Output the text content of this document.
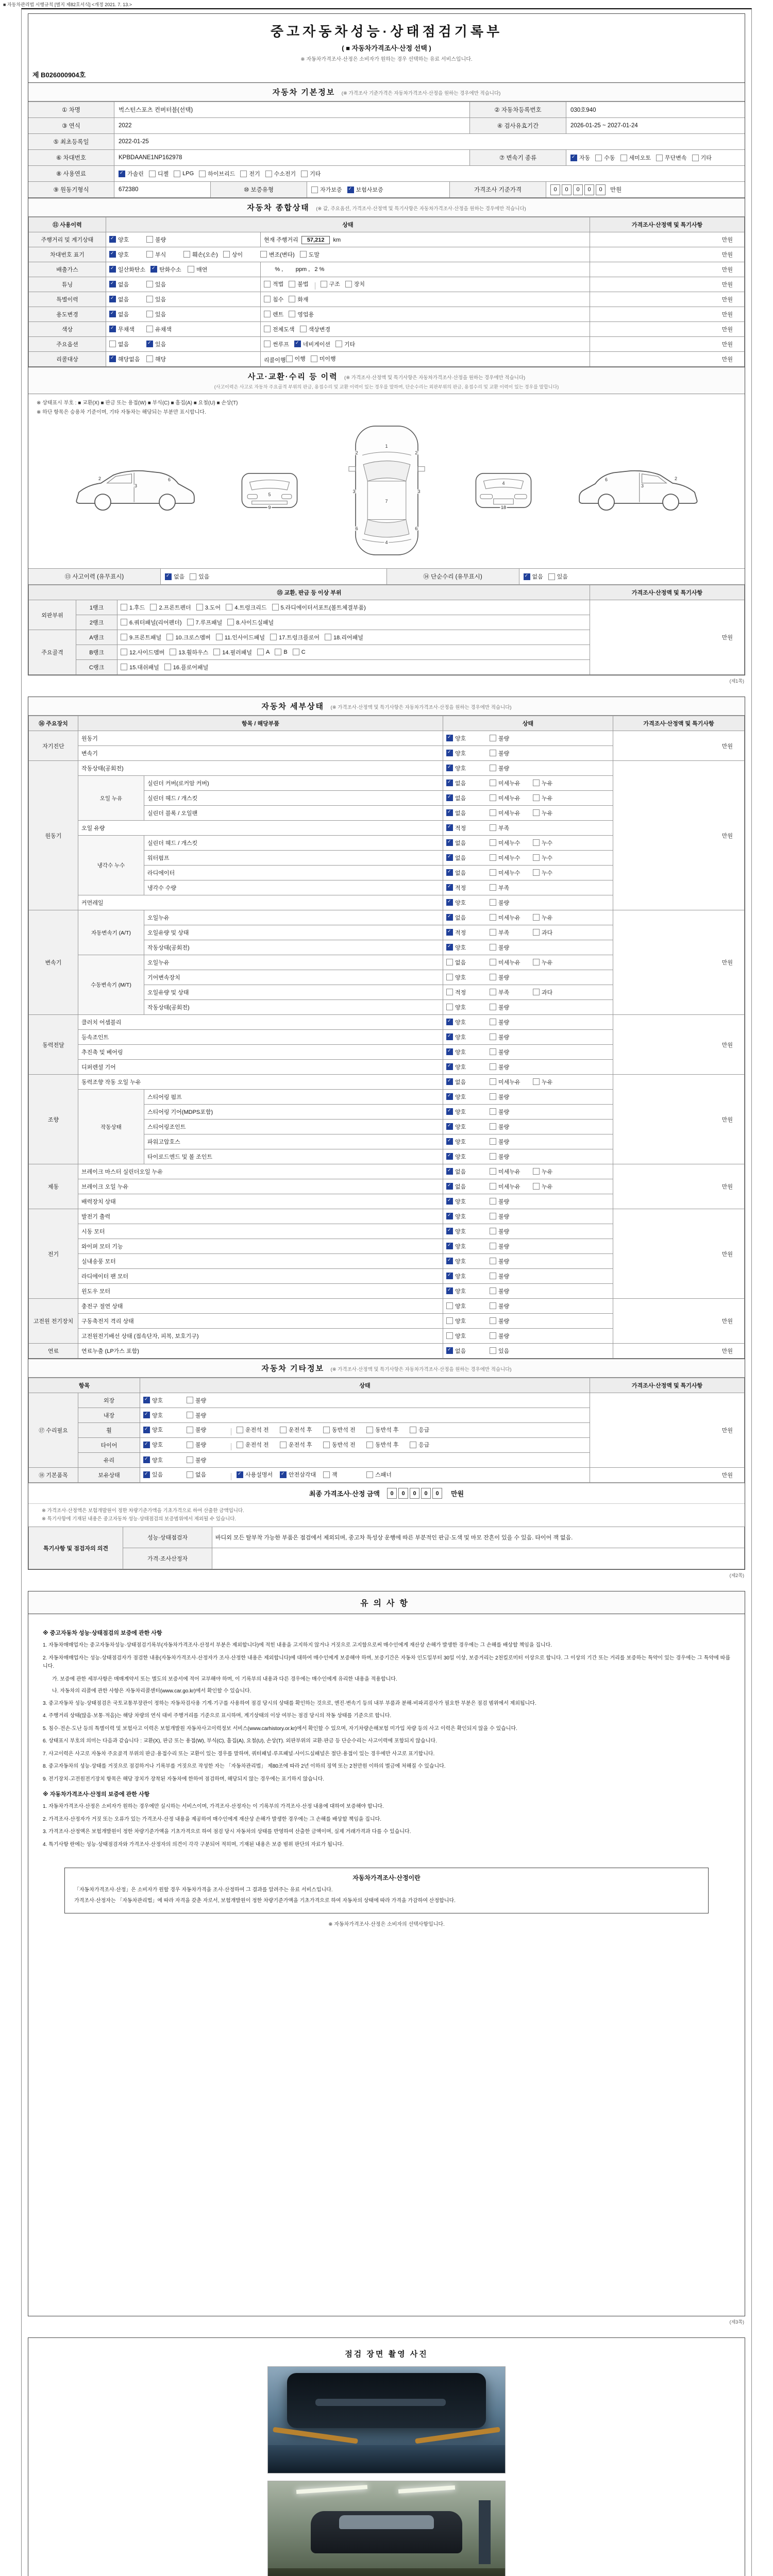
■ 자동차관리법 시행규칙 [별지 제82호서식] <개정 2021. 7. 13.>
중고자동차성능·상태점검기록부
( ■ 자동차가격조사·산정 선택 )
※ 자동차가격조사·산정은 소비자가 원하는 경우 선택하는 유료 서비스입니다.
제 B026000904호
자동차 기본정보 (※ 가격조사 기준가격은 자동차가격조사·산정을 원하는 경우에만 적습니다)
① 차명	벅스턴스포츠 컨버터블(선택)	② 자동차등록번호	030호940
③ 연식	2022	④ 검사유효기간	2026-01-25 ~ 2027-01-24
⑤ 최초등록일	2022-01-25
⑥ 차대번호	KPBDAANE1NP162978	⑦ 변속기 종류 ✓	자동 수동 세미오토 무단변속 기타
⑧ 사용연료 ✓	가솔린 디젤 LPG 하이브리드 전기 수소전기 기타
⑨ 원동기형식	672380	⑩ 보증유형	자가보증 ✓ 보험사보증	가격조사 기준가격	0 0 0 0 0	만원
자동차 종합상태 (※ 값, 주요옵션, 가격조사·산정액 및 특기사항은 자동차가격조사·산정을 원하는 경우에만 적습니다)
⑪ 사용이력	상태		가격조사·산정액 및 특기사항
주행거리 및 계기상태	
✓양호 불량	현재 주행거리 57,212 km	만원
차대번호 표기	
✓양호	부식	훼손(오손) 상이	변조(변타) 도말	만원
배출가스	
✓일산화탄소 ✓ 탄화수소 매연	% ,        ppm ,   2 %	만원
튜닝	
✓없음 있음	적법 불법 구조 장치	만원
특별이력	
✓없음 있음	침수 화재	만원
용도변경	
✓없음 있음	렌트 영업용	만원
색상	
✓무채색 유채색	전체도색 색상변경	만원
주요옵션	없음 ✓ 있음	썬루프 ✓ 네비게이션 기타	만원
리콜대상	
✓해당없음 해당	리콜이행 이행 미이행	만원
사고·교환·수리 등 이력 (※ 가격조사·산정액 및 특기사항은 자동차가격조사·산정을 원하는 경우에만 적습니다)
(사고이력은 사고로 자동차 주요골격 부위의 판금, 용접수리 및 교환 이력이 있는 경우를 말하며, 단순수리는 외판부위의 판금, 용접수리 및 교환 이력이 있는 경우를 말합니다)
※ 상태표시 부호 : ■ 교환(X) ■ 판금 또는 용접(W) ■ 부식(C) ■ 흠집(A) ■ 요철(U) ■ 손상(T)
※ 하단 항목은 승용차 기준이며, 기타 자동차는 해당되는 부분만 표시합니다.
2
3
6
5
9
1
7
4
2	2
3	3
6	6
4
18
6
3
2
⑬ 사고이력 (유무표시) ✓	없음 있음	⑭ 단순수리 (유무표시) ✓	없음 있음
⑮ 교환, 판금 등 이상 부위			가격조사·산정액 및 특기사항
외판부위	1랭크	1.후드 2.프론트펜더 3.도어 4.트렁크리드 5.라디에이터서포트(볼트체결부품)	만원
	2랭크	6.쿼터패널(리어펜더) 7.루프패널 8.사이드실패널	

주요골격	A랭크	9.프론트패널 10.크로스멤버 11.인사이드패널 17.트렁크플로어 18.리어패널	

B랭크	12.사이드멤버 13.휠하우스 14.필러패널 A B C

	C랭크	15.대쉬패널 16.플로어패널	
(제1쪽)
자동차 세부상태 (※ 가격조사·산정액 및 특기사항은 자동차가격조사·산정을 원하는 경우에만 적습니다)
⑯ 주요장치	항목 / 해당부품		상태	가격조사·산정액 및 특기사항
자기진단	원동기	
✓양호 불량	만원
	변속기	
✓양호 불량

원동기	작동상태(공회전)	
✓양호 불량	만원
	오일 누유	실린더 커버(로커암 커버)	
✓없음 미세누유 누유

		실린더 헤드 / 개스킷	
✓없음 미세누유 누유

		실린더 블록 / 오일팬	
✓없음 미세누유 누유

	오일 유량	
✓적정 부족

	냉각수 누수	실린더 헤드 / 개스킷	
✓없음 미세누수 누수

		워터펌프	
✓없음 미세누수 누수

		라디에이터	
✓없음 미세누수 누수

		냉각수 수량	
✓적정 부족

	커먼레일	
✓양호 불량

변속기	자동변속기 (A/T)	오일누유	
✓없음 미세누유 누유	만원
		오일유량 및 상태	
✓적정 부족 과다

		작동상태(공회전)	
✓양호 불량

	수동변속기 (M/T)	오일누유	없음 미세누유 누유	

		기어변속장치	양호 불량	

		오일유량 및 상태	적정 부족 과다	

		작동상태(공회전)	양호 불량	

동력전달	클러치 어셈블리	
✓양호 불량	만원
	등속조인트	
✓양호 불량

	추진축 및 베어링	
✓양호 불량

	디퍼렌셜 기어	
✓양호 불량

조향	동력조향 작동 오일 누유	
✓없음 미세누유 누유	만원
	작동상태	스티어링 펌프	
✓양호 불량

		스티어링 기어(MDPS포함)	
✓양호 불량

		스티어링조인트	
✓양호 불량

		파워고압호스	
✓양호 불량

		타이로드엔드 및 볼 조인트	
✓양호 불량

제동	브레이크 마스터 실린더오일 누유	
✓없음 미세누유 누유	만원
	브레이크 오일 누유	
✓없음 미세누유 누유

	배력장치 상태	
✓양호 불량

전기	발전기 출력	
✓양호 불량	만원
	시동 모터	
✓양호 불량

	와이퍼 모터 기능	
✓양호 불량

	실내송풍 모터	
✓양호 불량

	라디에이터 팬 모터	
✓양호 불량

	윈도우 모터	
✓양호 불량

고전원 전기장치	충전구 절연 상태		양호 불량	만원
	구동축전지 격리 상태		양호 불량	

	고전원전기배선 상태 (접속단자, 피복, 보호기구)		양호 불량	

연료	연료누출 (LP가스 포함)	
✓없음 있음	만원
자동차 기타정보 (※ 가격조사·산정액 및 특기사항은 자동차가격조사·산정을 원하는 경우에만 적습니다)
항목		상태	가격조사·산정액 및 특기사항
⑰ 수리필요	외장	
✓양호 불량	만원
	내장	
✓양호 불량

휠	
✓양호	불량	운전석 전	운전석 후	동반석 전	동반석 후	응급

타이어	
✓양호	불량	운전석 전	운전석 후	동반석 전	동반석 후	응급

	유리	
✓양호 불량

⑱ 기본품목	보유상태	
✓있음	없음 ✓	사용설명서 ✓	안전삼각대	잭	스패너	만원
최종 가격조사·산정 금액	0 0 0 0 0	만원
※ 가격조사·산정액은 보험개발원이 정한 차량기준가액을 기초가격으로 하여 산출한 금액입니다.
※ 특기사항에 기재된 내용은 중고자동차 성능·상태점검의 보증범위에서 제외될 수 있습니다.
특기사항 및 점검자의 의견	성능·상태점검자	바디외 모든 탈부착 가능한 부품은 점검에서 제외되며, 중고차 특성상 운행에 따른 부분적인 판금·도색 및 마모 잔흔이 있을 수 있음. 타이어 잭 없음.
	가격·조사산정자	
(제2쪽)
유의사항
※ 중고자동차 성능·상태점검의 보증에 관한 사항
1. 자동차매매업자는 중고자동차성능·상태점검기록부(자동차가격조사·산정서 부분은 제외합니다)에 적힌 내용을 고지하지 않거나 거짓으로 고지함으로써 매수인에게 재산상 손해가 발생한 경우에는 그 손해를 배상할 책임을 집니다.
2. 자동차매매업자는 성능·상태점검자가 점검한 내용(자동차가격조사·산정자가 조사·산정한 내용은 제외합니다)에 대하여 매수인에게 보증해야 하며, 보증기간은 자동차 인도일부터 30일 이상, 보증거리는 2천킬로미터 이상으로 합니다. 그 이상의 기간 또는 거리를 보증하는 특약이 있는 경우에는 그 특약에 따릅니다.
가. 보증에 관한 세부사항은 매매계약서 또는 별도의 보증서에 적어 교부해야 하며, 이 기록부의 내용과 다른 경우에는 매수인에게 유리한 내용을 적용합니다.
나. 자동차의 리콜에 관한 사항은 자동차리콜센터(www.car.go.kr)에서 확인할 수 있습니다.
3. 중고자동차 성능·상태점검은 국토교통부장관이 정하는 자동차검사용 기계·기구를 사용하여 점검 당시의 상태를 확인하는 것으로, 엔진·변속기 등의 내부 부품과 분해·비파괴검사가 필요한 부분은 점검 범위에서 제외됩니다.
4. 주행거리 상태(많음·보통·적음)는 해당 차량의 연식 대비 주행거리를 기준으로 표시하며, 계기상태의 이상 여부는 점검 당시의 작동 상태를 기준으로 합니다.
5. 침수·전손·도난 등의 특별이력 및 보험사고 이력은 보험개발원 자동차사고이력정보 서비스(www.carhistory.or.kr)에서 확인할 수 있으며, 자기차량손해보험 미가입 차량 등의 사고 이력은 확인되지 않을 수 있습니다.
6. 상태표시 부호의 의미는 다음과 같습니다 : 교환(X), 판금 또는 용접(W), 부식(C), 흠집(A), 요철(U), 손상(T). 외판부위의 교환·판금 등 단순수리는 사고이력에 포함되지 않습니다.
7. 사고이력은 사고로 자동차 주요골격 부위의 판금·용접수리 또는 교환이 있는 경우를 말하며, 쿼터패널·루프패널·사이드실패널은 절단·용접이 있는 경우에만 사고로 표기합니다.
8. 중고자동차의 성능·상태를 거짓으로 점검하거나 기록부를 거짓으로 작성한 자는 「자동차관리법」 제80조에 따라 2년 이하의 징역 또는 2천만원 이하의 벌금에 처해질 수 있습니다.
9. 전기장치·고전원전기장치 항목은 해당 장치가 장착된 자동차에 한하여 점검하며, 해당되지 않는 경우에는 표기하지 않습니다.
※ 자동차가격조사·산정의 보증에 관한 사항
1. 자동차가격조사·산정은 소비자가 원하는 경우에만 실시하는 서비스이며, 가격조사·산정자는 이 기록부의 가격조사·산정 내용에 대하여 보증해야 합니다.
2. 가격조사·산정자가 거짓 또는 오류가 있는 가격조사·산정 내용을 제공하여 매수인에게 재산상 손해가 발생한 경우에는 그 손해를 배상할 책임을 집니다.
3. 가격조사·산정액은 보험개발원이 정한 차량기준가액을 기초가격으로 하여 점검 당시 자동차의 상태를 반영하여 산출한 금액이며, 실제 거래가격과 다를 수 있습니다.
4. 특기사항 란에는 성능·상태점검자와 가격조사·산정자의 의견이 각각 구분되어 적히며, 기재된 내용은 보증 범위 판단의 자료가 됩니다.
자동차가격조사·산정이란
「자동차가격조사·산정」은 소비자가 원할 경우 자동차가격을 조사·산정하여 그 결과를 알려주는 유료 서비스입니다.
가격조사·산정자는 「자동차관리법」에 따라 자격을 갖춘 자로서, 보험개발원이 정한 차량기준가액을 기초가격으로 하여 자동차의 상태에 따라 가격을 가감하여 산정합니다.
※ 자동차가격조사·산정은 소비자의 선택사항입니다.
(제3쪽)
점검 장면 촬영 사진
